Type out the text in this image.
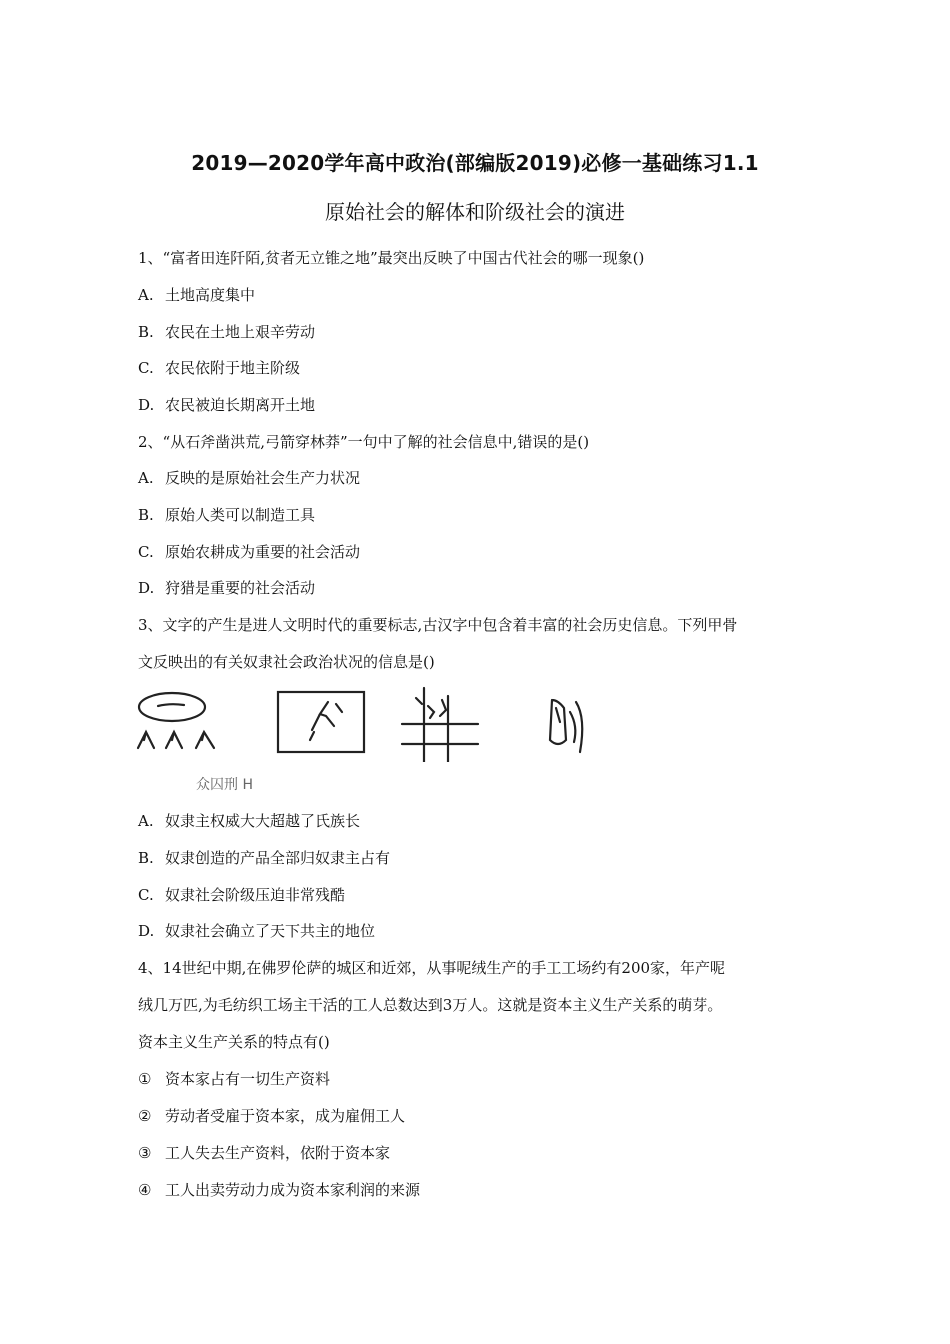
2019—2020学年高中政治(部编版2019)必修一基础练习1.1
原始社会的解体和阶级社会的演进
1、“富者田连阡陌,贫者无立锥之地”最突出反映了中国古代社会的哪一现象()
A. 土地高度集中
B. 农民在土地上艰辛劳动
C. 农民依附于地主阶级
D. 农民被迫长期离开土地
2、“从石斧凿洪荒,弓箭穿林莽”一句中了解的社会信息中,错误的是()
A. 反映的是原始社会生产力状况
B. 原始人类可以制造工具
C. 原始农耕成为重要的社会活动
D. 狩猎是重要的社会活动
3、文字的产生是进人文明时代的重要标志,古汉字中包含着丰富的社会历史信息。下列甲骨
文反映出的有关奴隶社会政治状况的信息是()
众囚刑 H
A. 奴隶主权威大大超越了氏族长
B. 奴隶创造的产品全部归奴隶主占有
C. 奴隶社会阶级压迫非常残酷
D. 奴隶社会确立了天下共主的地位
4、14世纪中期,在佛罗伦萨的城区和近郊，从事呢绒生产的手工工场约有200家，年产呢
绒几万匹,为毛纺织工场主干活的工人总数达到3万人。这就是资本主义生产关系的萌芽。
资本主义生产关系的特点有()
① 资本家占有一切生产资料
② 劳动者受雇于资本家，成为雇佣工人
③ 工人失去生产资料，依附于资本家
④ 工人出卖劳动力成为资本家利润的来源
